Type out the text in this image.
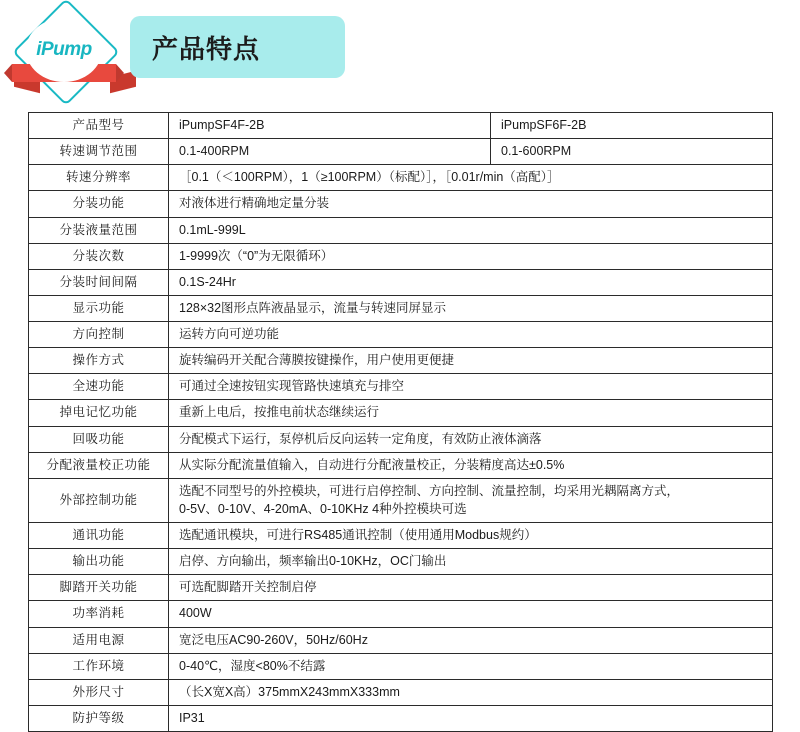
iPump 产品特点
产品型号	iPumpSF4F-2B	iPumpSF6F-2B
转速调节范围	0.1-400RPM	0.1-600RPM
转速分辨率	［0.1（＜100RPM），1（≥100RPM）（标配）］，［0.01r/min（高配）］	
分装功能	对液体进行精确地定量分装	
分装液量范围	0.1mL-999L	
分装次数	1-9999次（“0”为无限循环）	
分装时间间隔	0.1S-24Hr	
显示功能	128×32图形点阵液晶显示，流量与转速同屏显示	
方向控制	运转方向可逆功能	
操作方式	旋转编码开关配合薄膜按键操作，用户使用更便捷	
全速功能	可通过全速按钮实现管路快速填充与排空	
掉电记忆功能	重新上电后，按推电前状态继续运行	
回吸功能	分配模式下运行，泵停机后反向运转一定角度，有效防止液体滴落	
分配液量校正功能	从实际分配流量值输入，自动进行分配液量校正，分装精度高达±0.5%	
外部控制功能	选配不同型号的外控模块，可进行启停控制、方向控制、流量控制，均采用光耦隔离方式，
0-5V、0-10V、4-20mA、0-10KHz 4种外控模块可选	

通讯功能	选配通讯模块，可进行RS485通讯控制（使用通用Modbus规约）	
输出功能	启停、方向输出，频率输出0-10KHz，OC门输出	
脚踏开关功能	可选配脚踏开关控制启停	
功率消耗	400W	
适用电源	宽泛电压AC90-260V，50Hz/60Hz	
工作环境	0-40℃，湿度<80%不结露	
外形尺寸	（长X宽X高）375mmX243mmX333mm	
防护等级	IP31	
